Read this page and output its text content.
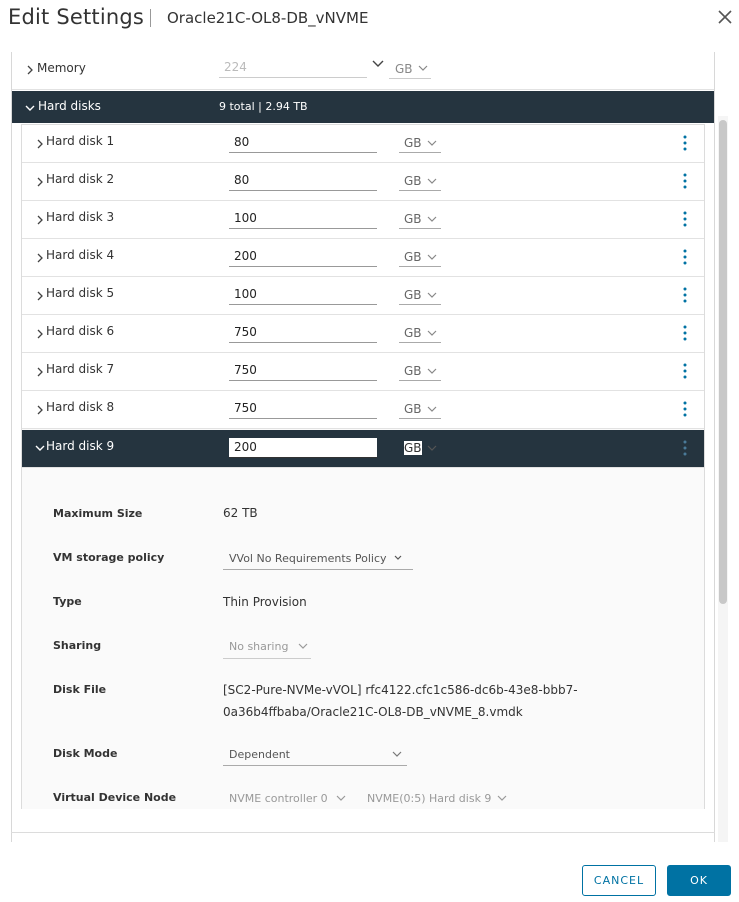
Edit Settings Oracle21C-OL8-DB_vNVME
Memory	224	GB
Hard disks	9 total | 2.94 TB
Hard disk 1	80	GB
Hard disk 2	80	GB
Hard disk 3	100	GB
Hard disk 4	200	GB
Hard disk 5	100	GB
Hard disk 6	750	GB
Hard disk 7	750	GB
Hard disk 8	750	GB
Hard disk 9	200	GB
Maximum Size	62 TB
VM storage policy	VVol No Requirements Policy
Type	Thin Provision
Sharing	No sharing
Disk File	[SC2-Pure-NVMe-vVOL] rfc4122.cfc1c586-dc6b-43e8-bbb7-
0a36b4ffbaba/Oracle21C-OL8-DB_vNVME_8.vmdk
Disk Mode	Dependent
Virtual Device Node	NVME controller 0	NVME(0:5) Hard disk 9
CANCEL	OK
